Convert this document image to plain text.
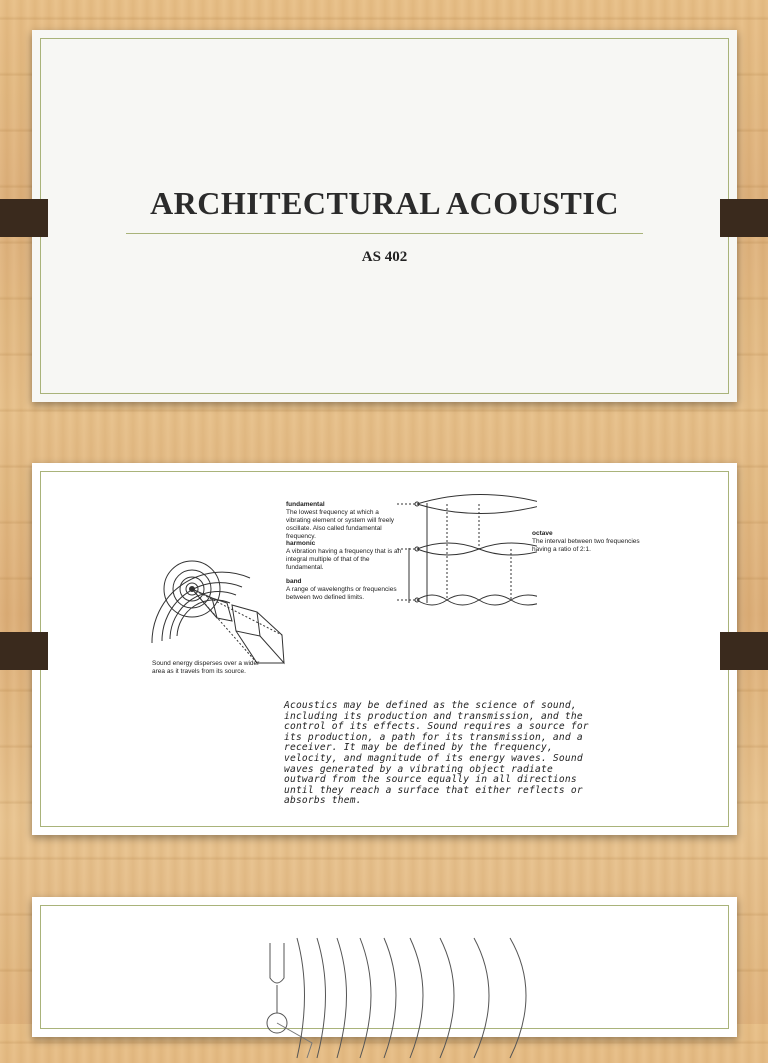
ARCHITECTURAL ACOUSTIC
AS 402
Sound energy disperses over a wider area as it travels from its source.
fundamental
The lowest frequency at which a vibrating element or system will freely oscillate. Also called fundamental frequency.
harmonic
A vibration having a frequency that is an integral multiple of that of the fundamental.
band
A range of wavelengths or frequencies between two defined limits.
octave
The interval between two frequencies having a ratio of 2:1.
Acoustics may be defined as the science of sound, including its production and transmission, and the control of its effects. Sound requires a source for its production, a path for its transmission, and a receiver. It may be defined by the frequency, velocity, and magnitude of its energy waves. Sound waves generated by a vibrating object radiate outward from the source equally in all directions until they reach a surface that either reflects or absorbs them.
